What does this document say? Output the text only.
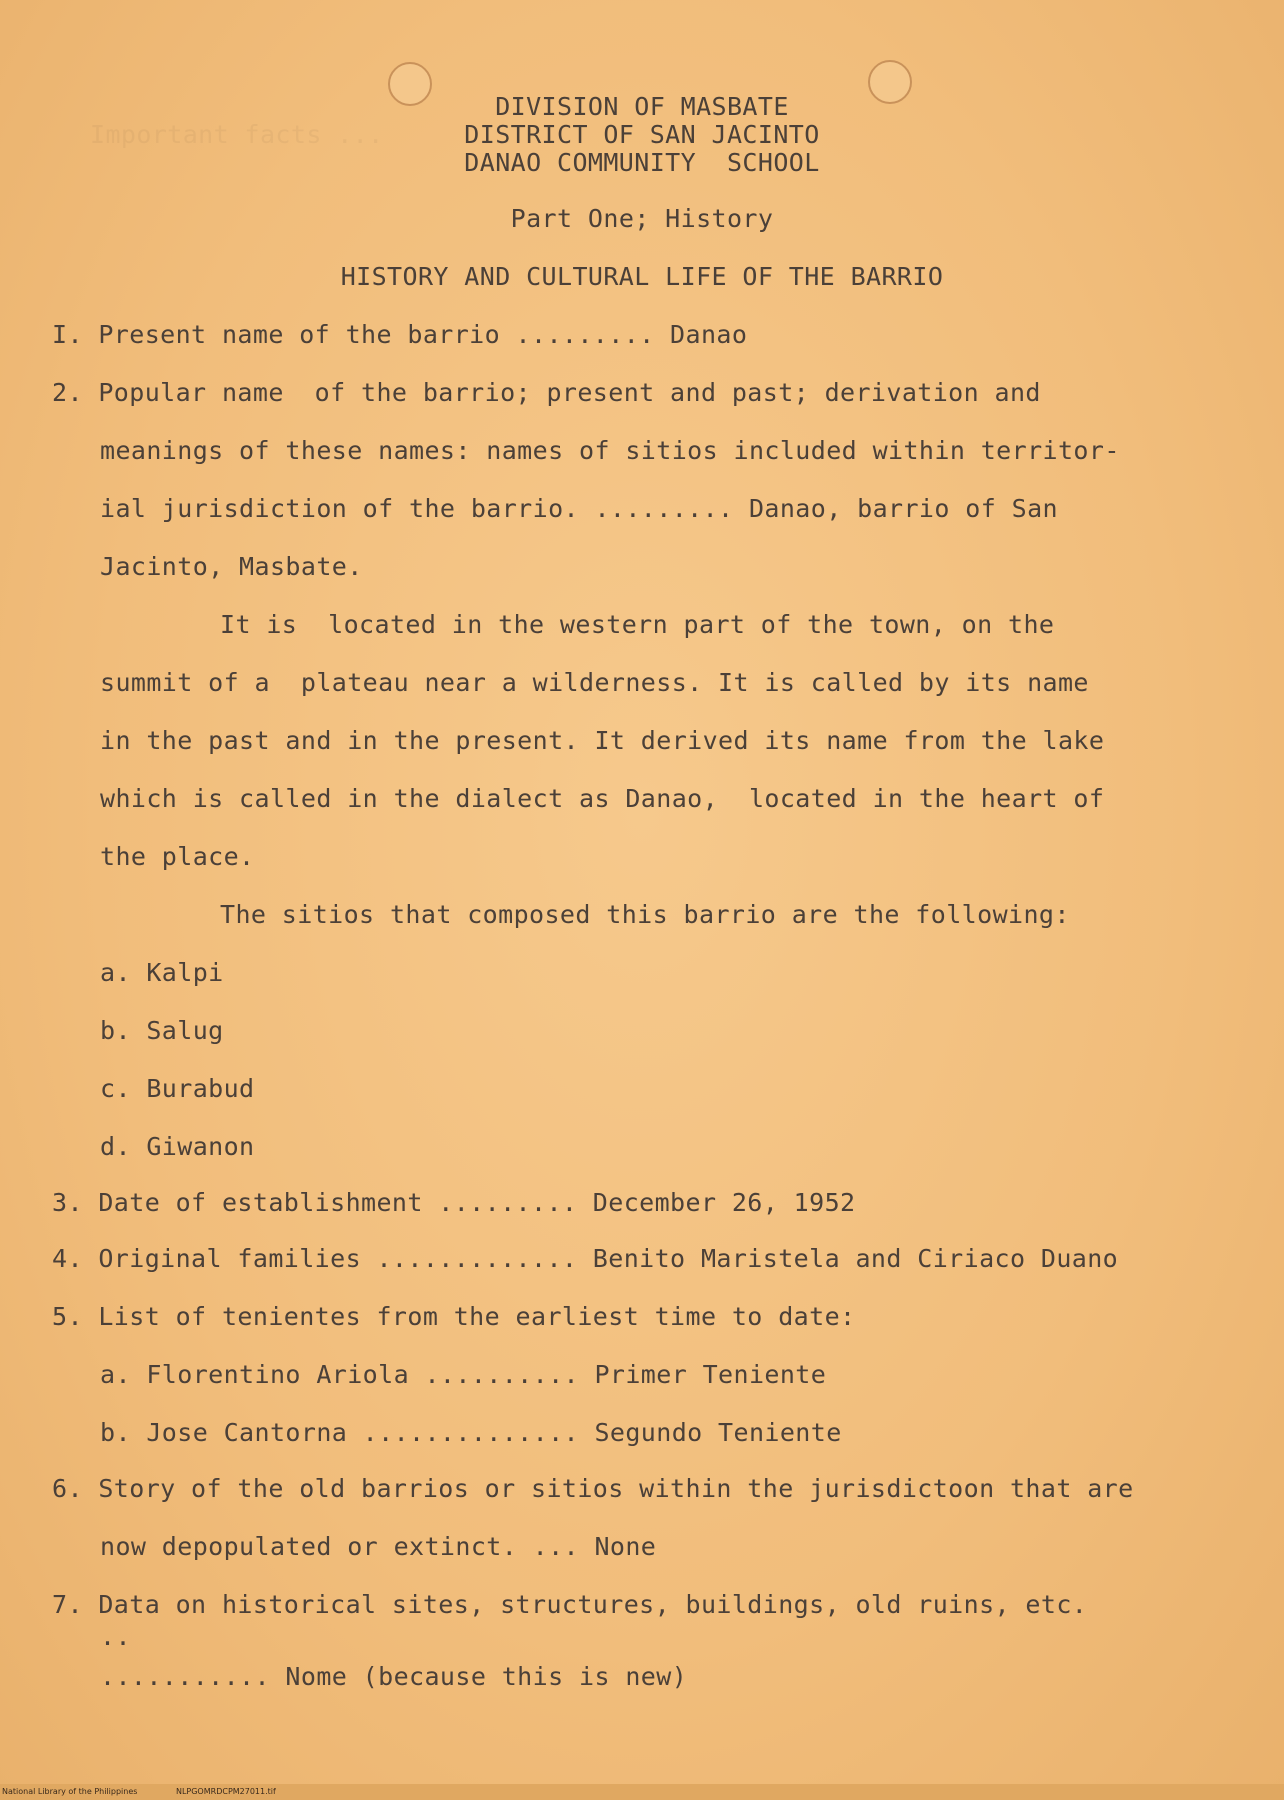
Important facts ...
DIVISION OF MASBATE
DISTRICT OF SAN JACINTO
DANAO COMMUNITY  SCHOOL
Part One; History
HISTORY AND CULTURAL LIFE OF THE BARRIO
I. Present name of the barrio ......... Danao
2. Popular name  of the barrio; present and past; derivation and
meanings of these names: names of sitios included within territor-
ial jurisdiction of the barrio. ......... Danao, barrio of San
Jacinto, Masbate.
It is  located in the western part of the town, on the
summit of a  plateau near a wilderness. It is called by its name
in the past and in the present. It derived its name from the lake
which is called in the dialect as Danao,  located in the heart of
the place.
The sitios that composed this barrio are the following:
a. Kalpi
b. Salug
c. Burabud
d. Giwanon
3. Date of establishment ......... December 26, 1952
4. Original families ............. Benito Maristela and Ciriaco Duano
5. List of tenientes from the earliest time to date:
a. Florentino Ariola .......... Primer Teniente
b. Jose Cantorna .............. Segundo Teniente
6. Story of the old barrios or sitios within the jurisdictoon that are
now depopulated or extinct. ... None
7. Data on historical sites, structures, buildings, old ruins, etc.
..
........... Nome (because this is new)
National Library of the Philippines	NLPGOMRDCPM27011.tif
